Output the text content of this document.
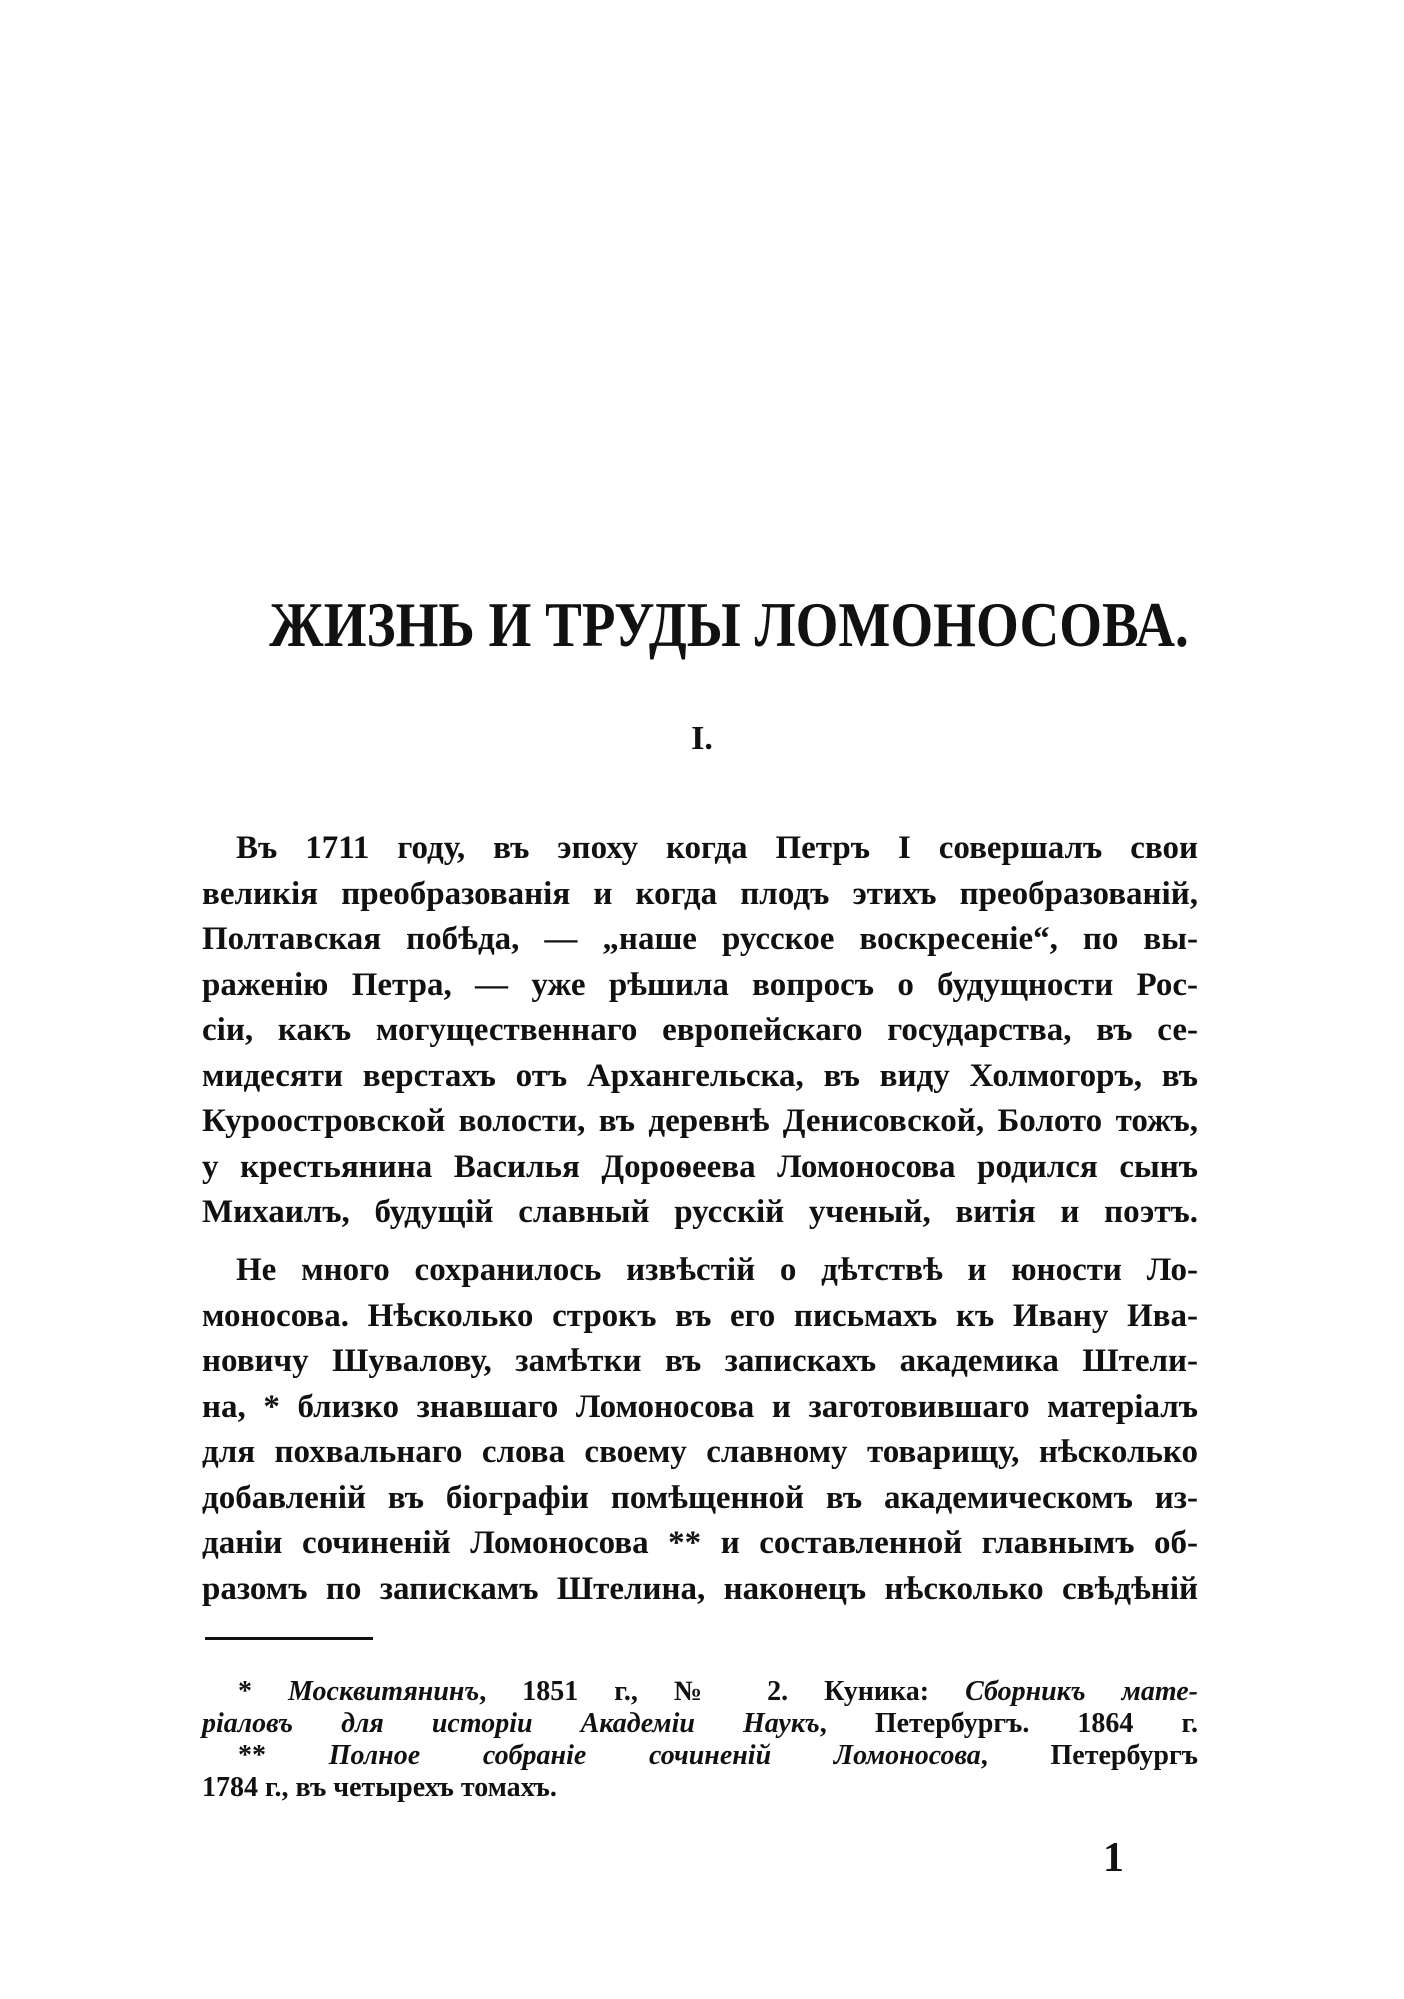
ЖИЗНЬ И ТРУДЫ ЛОМОНОСОВА.
I.
Въ 1711 году, въ эпоху когда Петръ I совершалъ свои
великія преобразованія и когда плодъ этихъ преобразованій,
Полтавская побѣда, — „наше русское воскресеніе“, по вы-
раженію Петра, — уже рѣшила вопросъ о будущности Рос-
сіи, какъ могущественнаго европейскаго государства, въ се-
мидесяти верстахъ отъ Архангельска, въ виду Холмогоръ, въ
Куроостровской волости, въ деревнѣ Денисовской, Болото тожъ,
у крестьянина Василья Дороѳеева Ломоносова родился сынъ
Михаилъ, будущій славный русскій ученый, витія и поэтъ.
Не много сохранилось извѣстій о дѣтствѣ и юности Ло-
моносова. Нѣсколько строкъ въ его письмахъ къ Ивану Ива-
новичу Шувалову, замѣтки въ запискахъ академика Штели-
на, * близко знавшаго Ломоносова и заготовившаго матеріалъ
для похвальнаго слова своему славному товарищу, нѣсколько
добавленій въ біографіи помѣщенной въ академическомъ из-
даніи сочиненій Ломоносова ** и составленной главнымъ об-
разомъ по запискамъ Штелина, наконецъ нѣсколько свѣдѣній
* Москвитянинъ, 1851 г., № 2. Куника: Сборникъ мате-
ріаловъ для исторіи Академіи Наукъ, Петербургъ. 1864 г.
** Полное собраніе сочиненій Ломоносова, Петербургъ
1784 г., въ четырехъ томахъ.
1
